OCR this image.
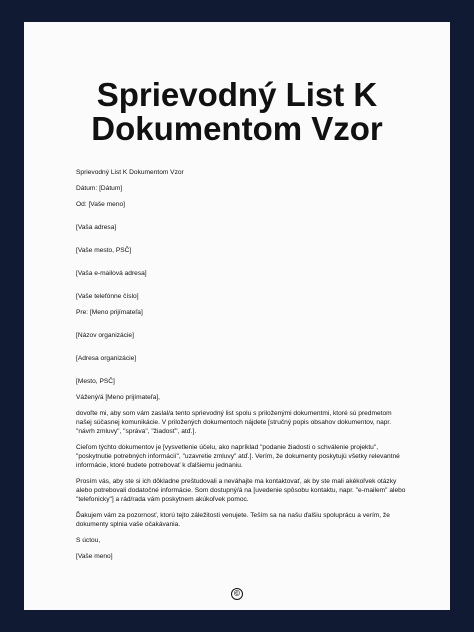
Sprievodný List K
Dokumentom Vzor

Sprievodný List K Dokumentom Vzor

Dátum: [Dátum]

Od: [Vaše meno]

[Vaša adresa]

[Vaše mesto, PSČ]

[Vaša e-mailová adresa]

[Vaše telefónne číslo]

Pre: [Meno prijímateľa]

[Názov organizácie]

[Adresa organizácie]

[Mesto, PSČ]

Vážený/á [Meno prijímateľa],

dovoľte mi, aby som vám zaslal/a tento sprievodný list spolu s priloženými dokumentmi, ktoré sú predmetom našej súčasnej komunikácie. V priložených dokumentoch nájdete [stručný popis obsahov dokumentov, napr. "návrh zmluvy", "správa", "žiadosť", atď.].

Cieľom týchto dokumentov je [vysvetlenie účelu, ako napríklad "podanie žiadosti o schválenie projektu", "poskytnutie potrebných informácií", "uzavretie zmluvy" atď.]. Verím, že dokumenty poskytujú všetky relevantné informácie, ktoré budete potrebovať k ďalšiemu jednaniu.

Prosím vás, aby ste si ich dôkladne preštudovali a neváhajte ma kontaktovať, ak by ste mali akékoľvek otázky alebo potrebovali dodatočné informácie. Som dostupný/á na [uvedenie spôsobu kontaktu, napr. "e-mailem" alebo "telefonicky"] a rád/rada vám poskytnem akúkoľvek pomoc.

Ďakujem vám za pozornosť, ktorú tejto záležitosti venujete. Teším sa na našu ďalšiu spoluprácu a verím, že dokumenty splnia vaše očakávania.

S úctou,

[Vaše meno]

©
